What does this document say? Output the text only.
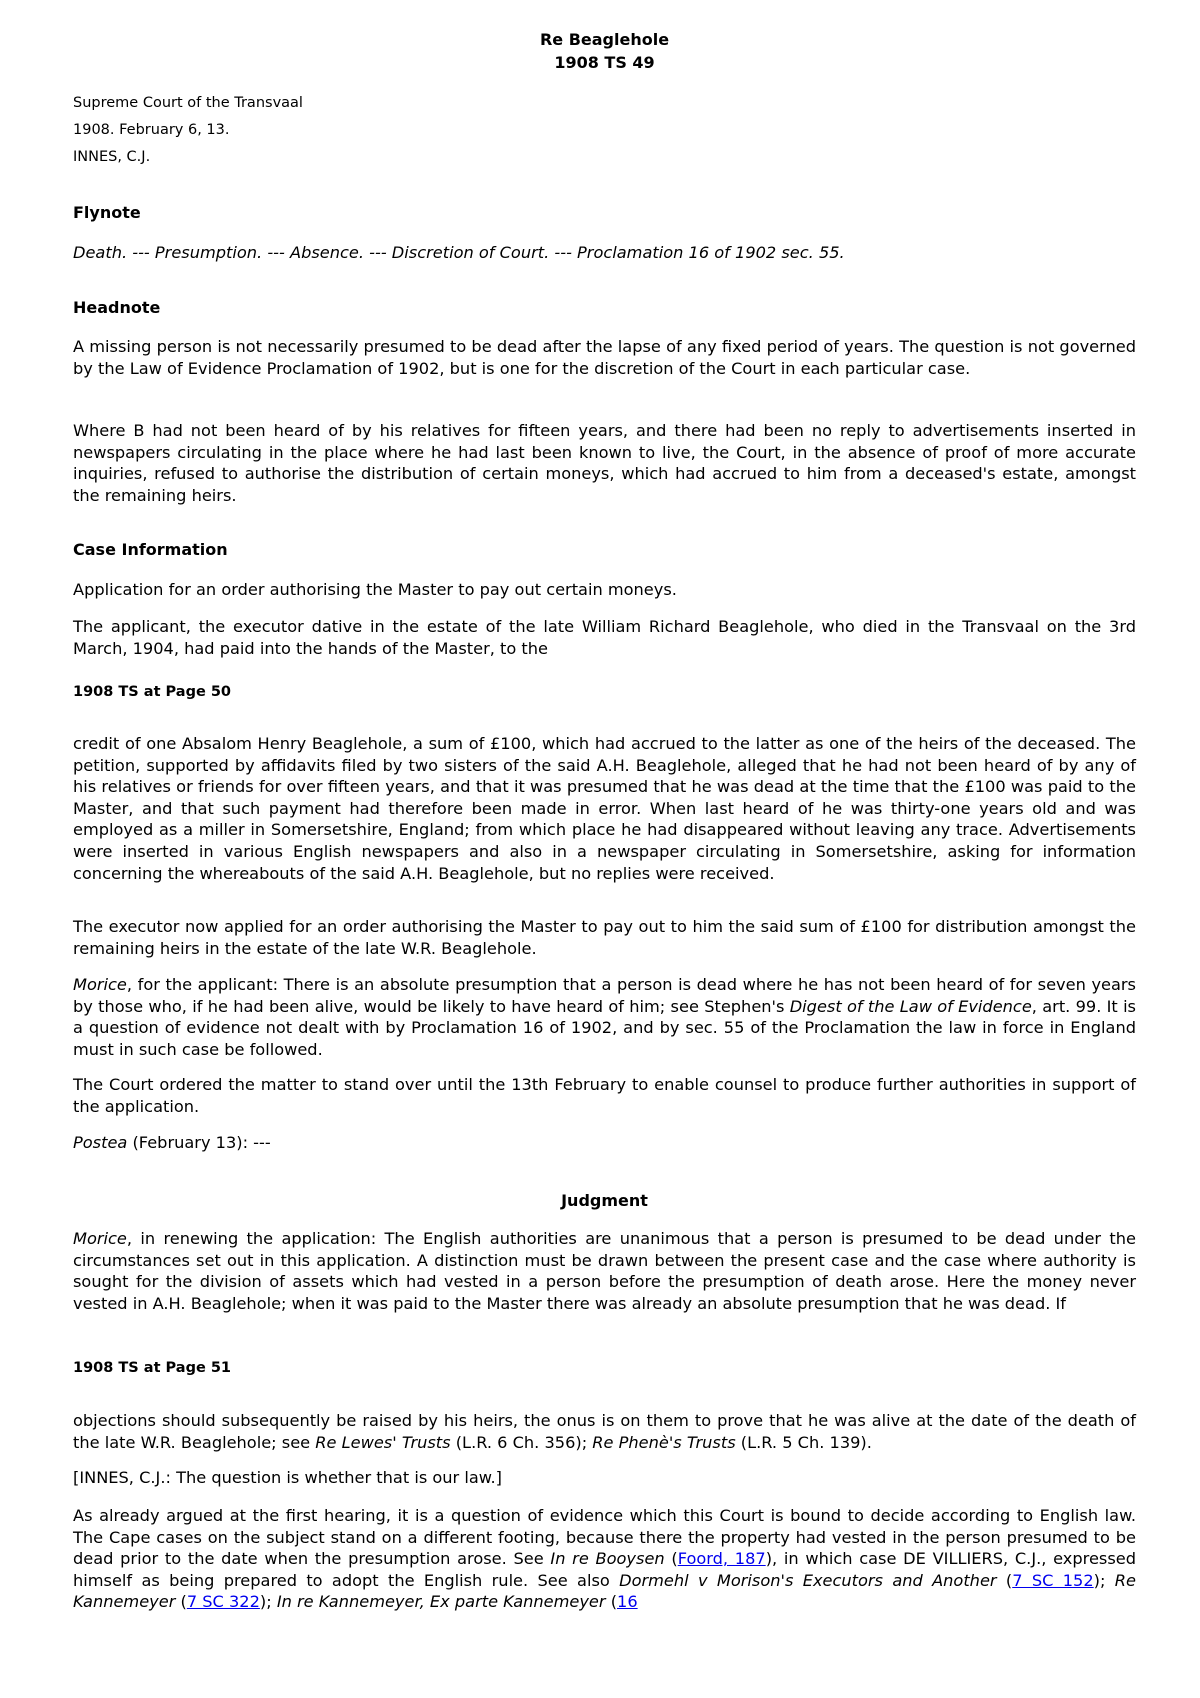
Re Beaglehole
1908 TS 49
Supreme Court of the Transvaal
1908. February 6, 13.
INNES, C.J.
Flynote
Death. --- Presumption. --- Absence. --- Discretion of Court. --- Proclamation 16 of 1902 sec. 55.
Headnote
A missing person is not necessarily presumed to be dead after the lapse of any fixed period of years. The question is not governed by the Law of Evidence Proclamation of 1902, but is one for the discretion of the Court in each particular case.
Where B had not been heard of by his relatives for fifteen years, and there had been no reply to advertisements inserted in newspapers circulating in the place where he had last been known to live, the Court, in the absence of proof of more accurate inquiries, refused to authorise the distribution of certain moneys, which had accrued to him from a deceased's estate, amongst the remaining heirs.
Case Information
Application for an order authorising the Master to pay out certain moneys.
The applicant, the executor dative in the estate of the late William Richard Beaglehole, who died in the Transvaal on the 3rd March, 1904, had paid into the hands of the Master, to the
1908 TS at Page 50
credit of one Absalom Henry Beaglehole, a sum of £100, which had accrued to the latter as one of the heirs of the deceased. The petition, supported by affidavits filed by two sisters of the said A.H. Beaglehole, alleged that he had not been heard of by any of his relatives or friends for over fifteen years, and that it was presumed that he was dead at the time that the £100 was paid to the Master, and that such payment had therefore been made in error. When last heard of he was thirty-one years old and was employed as a miller in Somersetshire, England; from which place he had disappeared without leaving any trace. Advertisements were inserted in various English newspapers and also in a newspaper circulating in Somersetshire, asking for information concerning the whereabouts of the said A.H. Beaglehole, but no replies were received.
The executor now applied for an order authorising the Master to pay out to him the said sum of £100 for distribution amongst the remaining heirs in the estate of the late W.R. Beaglehole.
Morice, for the applicant: There is an absolute presumption that a person is dead where he has not been heard of for seven years by those who, if he had been alive, would be likely to have heard of him; see Stephen's Digest of the Law of Evidence, art. 99. It is a question of evidence not dealt with by Proclamation 16 of 1902, and by sec. 55 of the Proclamation the law in force in England must in such case be followed.
The Court ordered the matter to stand over until the 13th February to enable counsel to produce further authorities in support of the application.
Postea (February 13): ---
Judgment
Morice, in renewing the application: The English authorities are unanimous that a person is presumed to be dead under the circumstances set out in this application. A distinction must be drawn between the present case and the case where authority is sought for the division of assets which had vested in a person before the presumption of death arose. Here the money never vested in A.H. Beaglehole; when it was paid to the Master there was already an absolute presumption that he was dead. If
1908 TS at Page 51
objections should subsequently be raised by his heirs, the onus is on them to prove that he was alive at the date of the death of the late W.R. Beaglehole; see Re Lewes' Trusts (L.R. 6 Ch. 356); Re Phenè's Trusts (L.R. 5 Ch. 139).
[INNES, C.J.: The question is whether that is our law.]
As already argued at the first hearing, it is a question of evidence which this Court is bound to decide according to English law. The Cape cases on the subject stand on a different footing, because there the property had vested in the person presumed to be dead prior to the date when the presumption arose. See In re Booysen (Foord, 187), in which case DE VILLIERS, C.J., expressed himself as being prepared to adopt the English rule. See also Dormehl v Morison's Executors and Another (7 SC 152); Re Kannemeyer (7 SC 322); In re Kannemeyer, Ex parte Kannemeyer (16
